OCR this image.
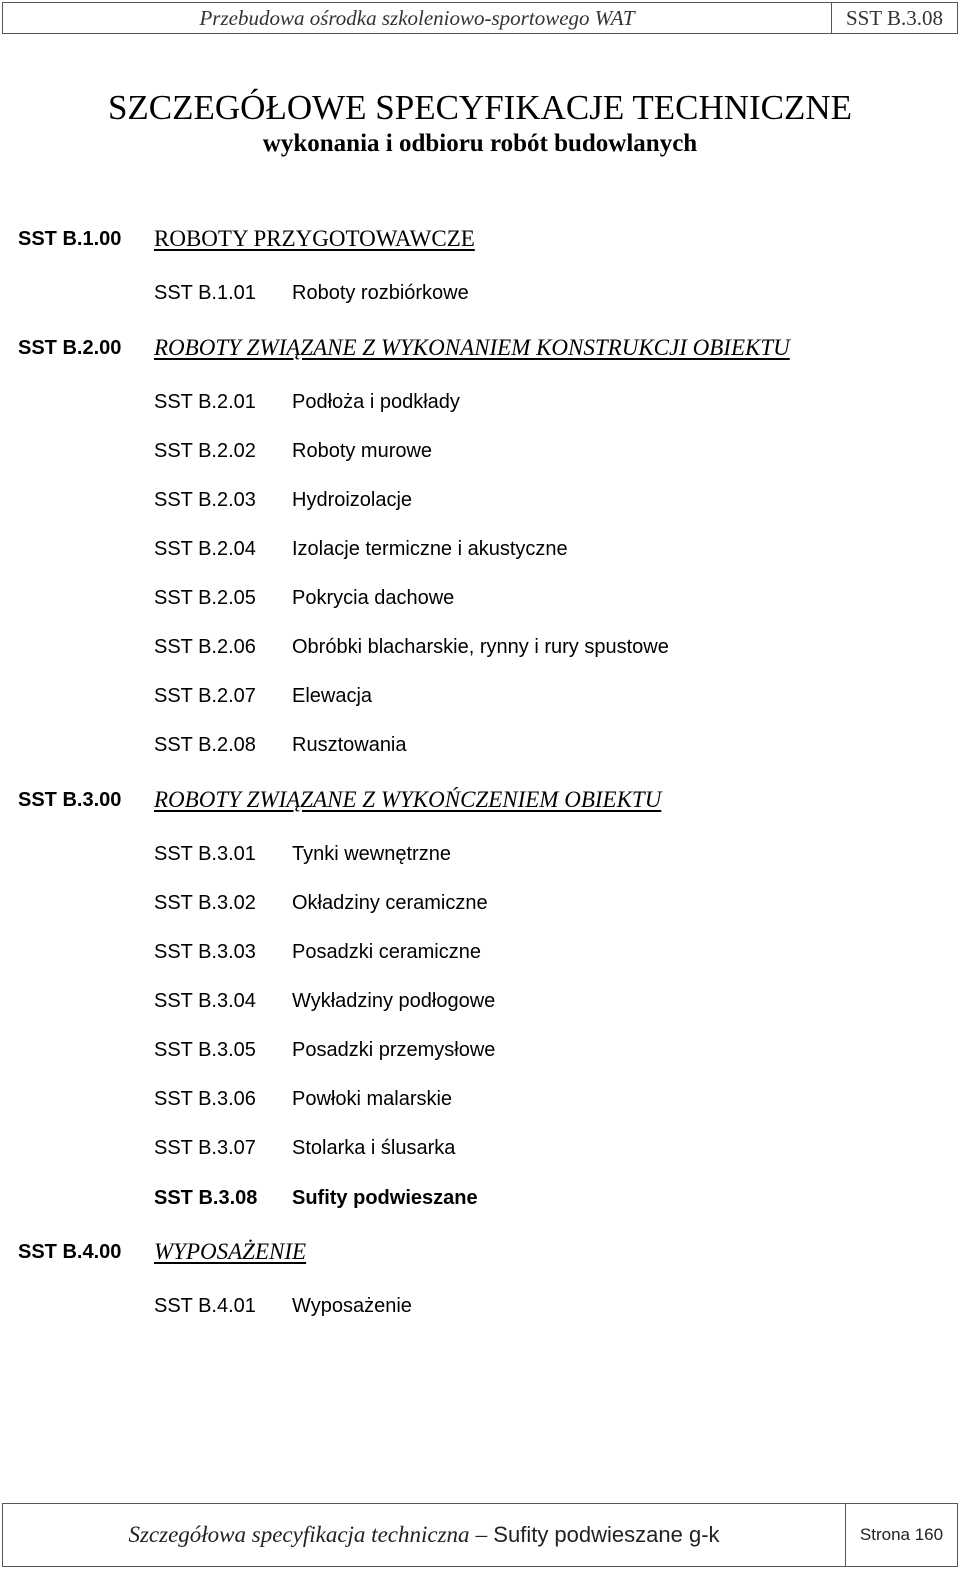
Przebudowa ośrodka szkoleniowo-sportowego WAT	SST B.3.08
SZCZEGÓŁOWE SPECYFIKACJE TECHNICZNE
wykonania i odbioru robót budowlanych
SST B.1.00 ROBOTY PRZYGOTOWAWCZE
SST B.1.01 Roboty rozbiórkowe
SST B.2.00 ROBOTY ZWIĄZANE Z WYKONANIEM KONSTRUKCJI OBIEKTU
SST B.2.01 Podłoża i podkłady
SST B.2.02 Roboty murowe
SST B.2.03 Hydroizolacje
SST B.2.04 Izolacje termiczne i akustyczne
SST B.2.05 Pokrycia dachowe
SST B.2.06 Obróbki blacharskie, rynny i rury spustowe
SST B.2.07 Elewacja
SST B.2.08 Rusztowania
SST B.3.00 ROBOTY ZWIĄZANE Z WYKOŃCZENIEM OBIEKTU
SST B.3.01 Tynki wewnętrzne
SST B.3.02 Okładziny ceramiczne
SST B.3.03 Posadzki ceramiczne
SST B.3.04 Wykładziny podłogowe
SST B.3.05 Posadzki przemysłowe
SST B.3.06 Powłoki malarskie
SST B.3.07 Stolarka i ślusarka
SST B.3.08 Sufity podwieszane
SST B.4.00 WYPOSAŻENIE
SST B.4.01 Wyposażenie
Szczegółowa specyfikacja techniczna – Sufity podwieszane g-k	Strona 160
